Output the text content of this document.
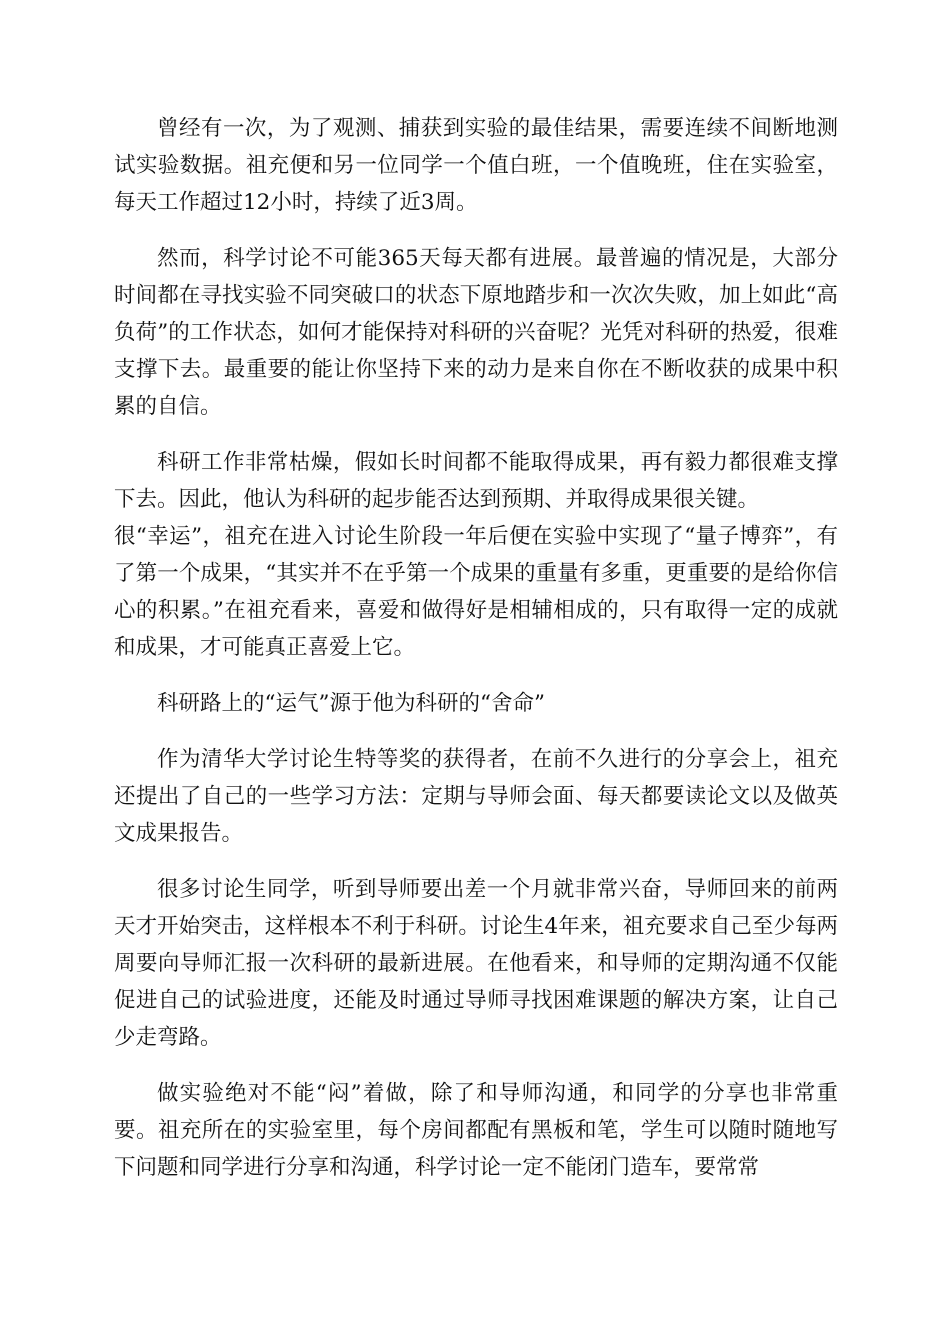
曾经有一次，为了观测、捕获到实验的最佳结果，需要连续不间断地测试实验数据。祖充便和另一位同学一个值白班，一个值晚班，住在实验室，每天工作超过12小时，持续了近3周。

然而，科学讨论不可能365天每天都有进展。最普遍的情况是，大部分时间都在寻找实验不同突破口的状态下原地踏步和一次次失败，加上如此“高负荷”的工作状态，如何才能保持对科研的兴奋呢？光凭对科研的热爱，很难支撑下去。最重要的能让你坚持下来的动力是来自你在不断收获的成果中积累的自信。

科研工作非常枯燥，假如长时间都不能取得成果，再有毅力都很难支撑下去。因此，他认为科研的起步能否达到预期、并取得成果很关键。

很“幸运”，祖充在进入讨论生阶段一年后便在实验中实现了“量子博弈”，有了第一个成果，“其实并不在乎第一个成果的重量有多重，更重要的是给你信心的积累。”在祖充看来，喜爱和做得好是相辅相成的，只有取得一定的成就和成果，才可能真正喜爱上它。

科研路上的“运气”源于他为科研的“舍命”

作为清华大学讨论生特等奖的获得者，在前不久进行的分享会上，祖充还提出了自己的一些学习方法：定期与导师会面、每天都要读论文以及做英文成果报告。

很多讨论生同学，听到导师要出差一个月就非常兴奋，导师回来的前两天才开始突击，这样根本不利于科研。讨论生4年来，祖充要求自己至少每两周要向导师汇报一次科研的最新进展。在他看来，和导师的定期沟通不仅能促进自己的试验进度，还能及时通过导师寻找困难课题的解决方案，让自己少走弯路。

做实验绝对不能“闷”着做，除了和导师沟通，和同学的分享也非常重要。祖充所在的实验室里，每个房间都配有黑板和笔，学生可以随时随地写下问题和同学进行分享和沟通，科学讨论一定不能闭门造车，要常常
